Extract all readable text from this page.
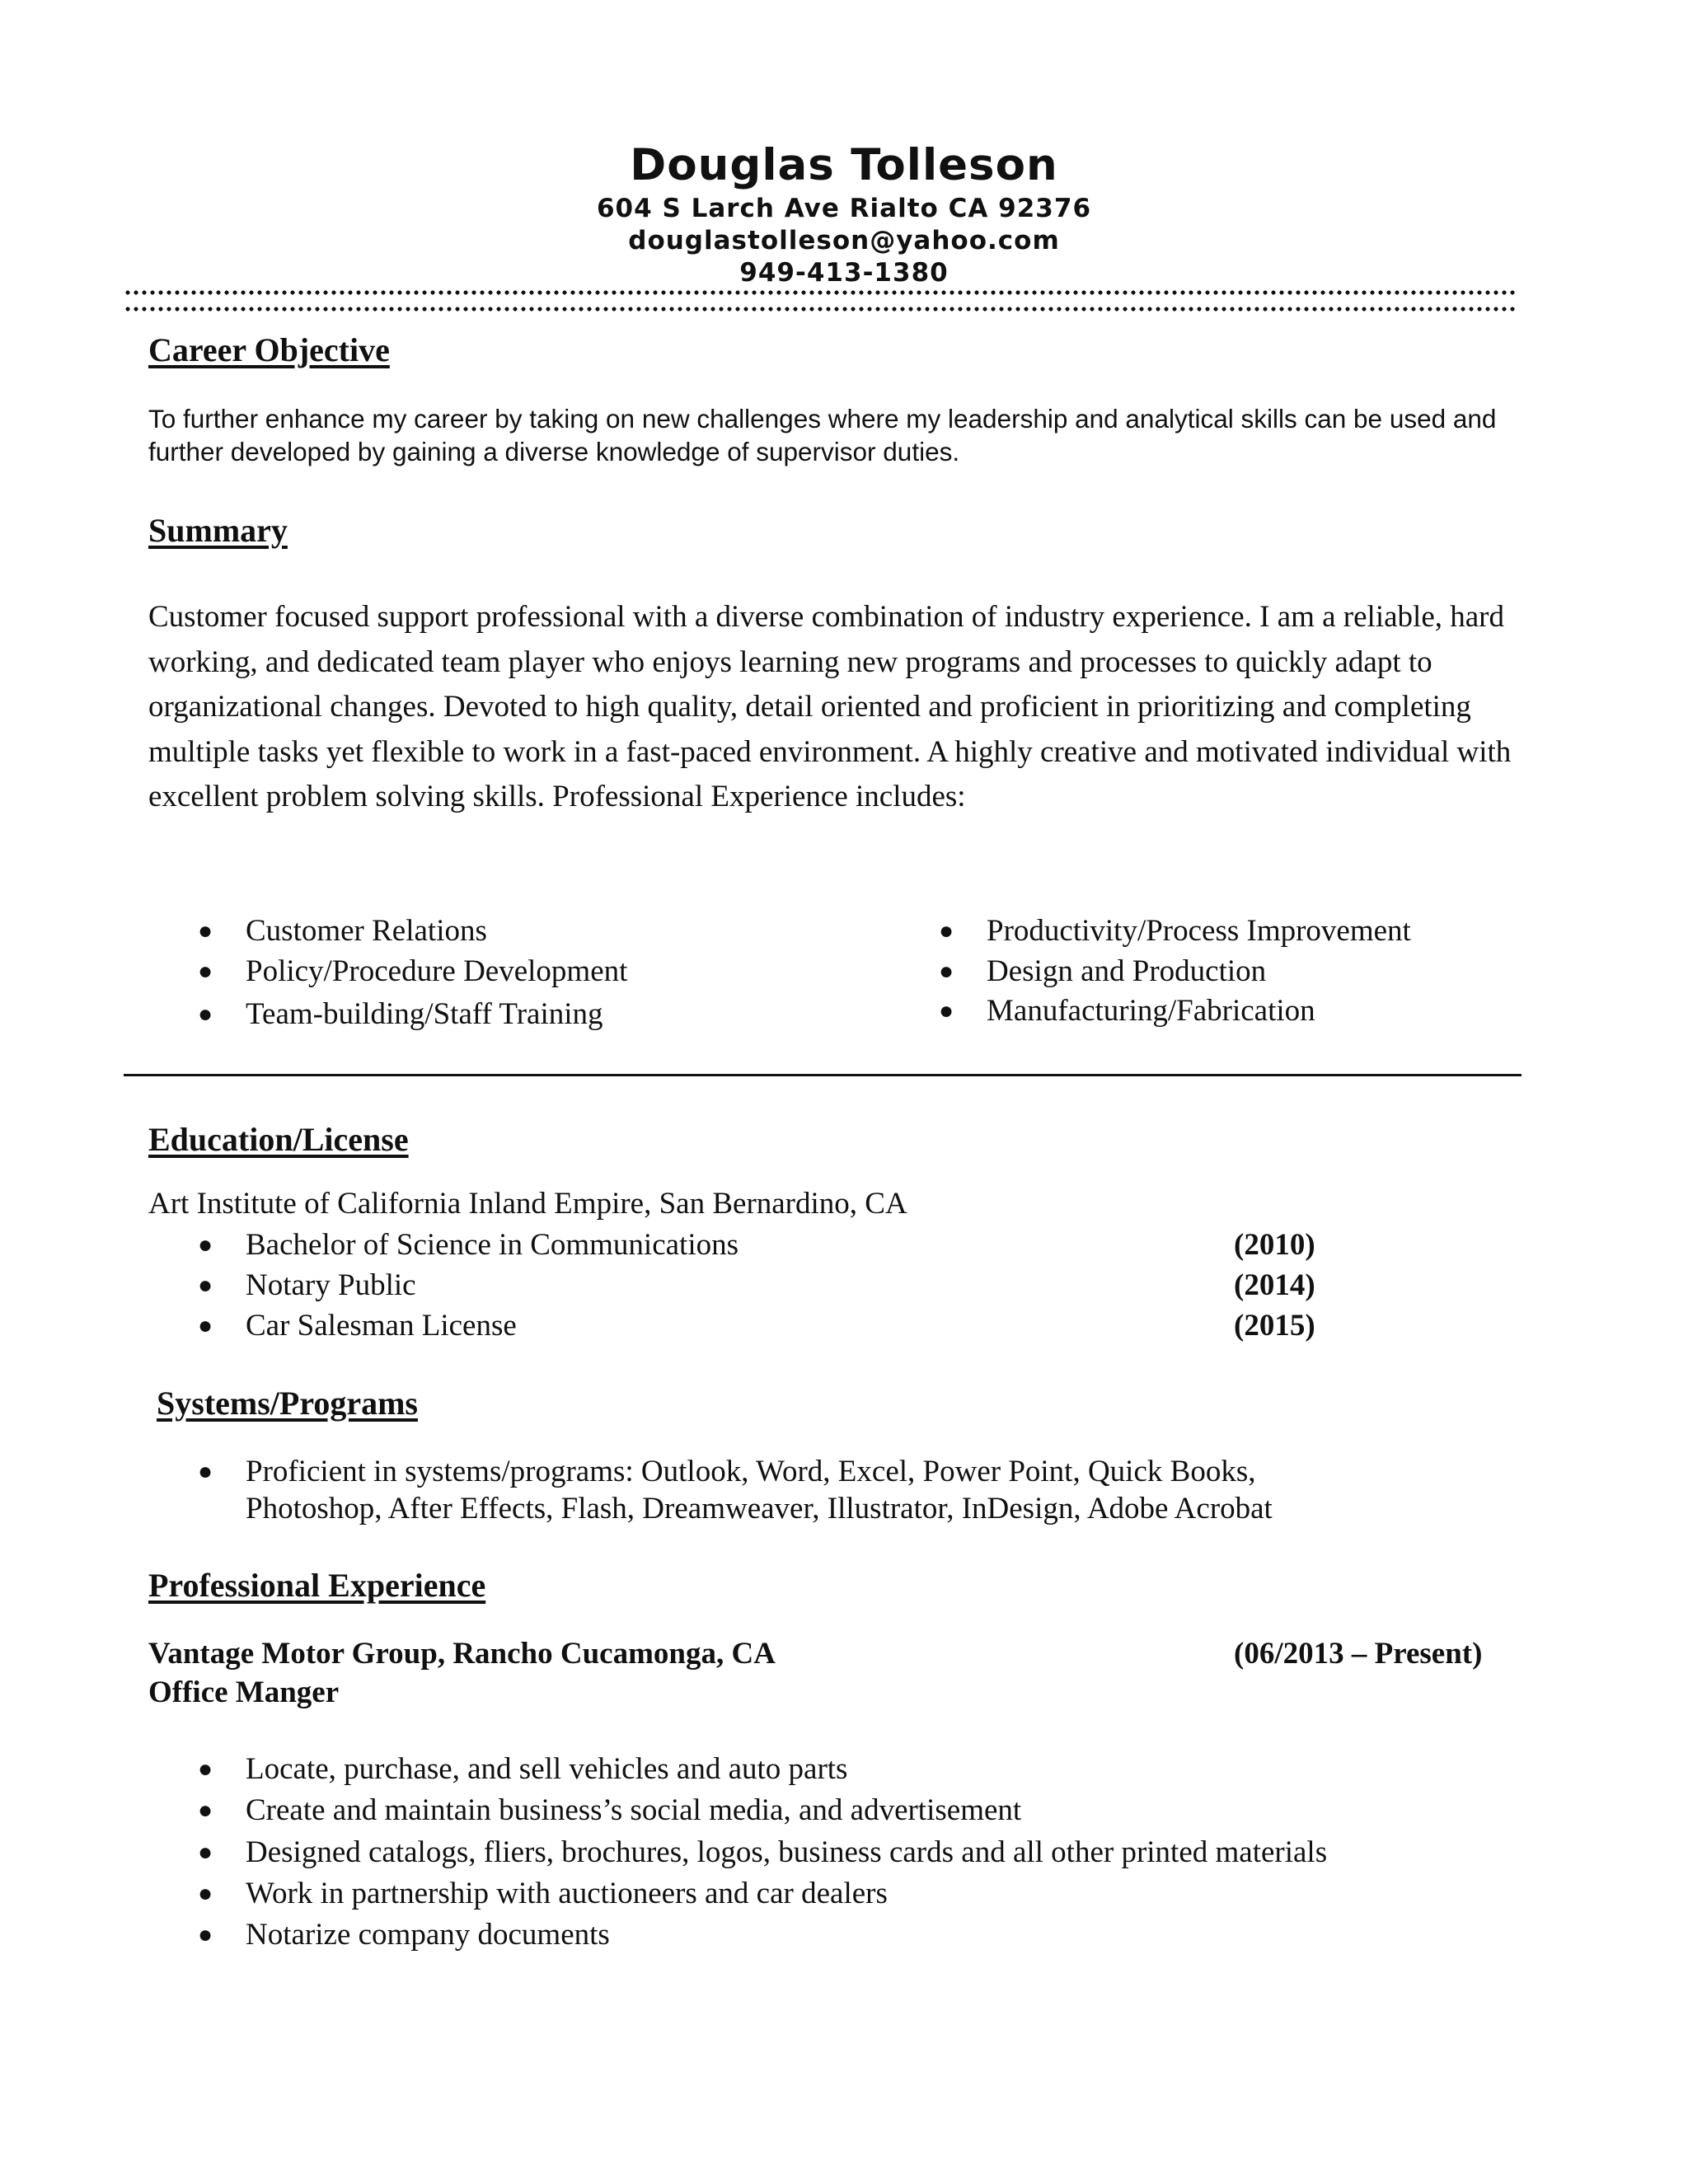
Douglas Tolleson
604 S Larch Ave Rialto CA 92376
douglastolleson@yahoo.com
949-413-1380
Career Objective
To further enhance my career by taking on new challenges where my leadership and analytical skills can be used and further developed by gaining a diverse knowledge of supervisor duties.
Summary
Customer focused support professional with a diverse combination of industry experience. I am a reliable, hard working, and dedicated team player who enjoys learning new programs and processes to quickly adapt to organizational changes. Devoted to high quality, detail oriented and proficient in prioritizing and completing multiple tasks yet flexible to work in a fast-paced environment. A highly creative and motivated individual with excellent problem solving skills. Professional Experience includes:
● Customer Relations
● Policy/Procedure Development
● Team-building/Staff Training
● Productivity/Process Improvement
● Design and Production
● Manufacturing/Fabrication
Education/License
Art Institute of California Inland Empire, San Bernardino, CA
● Bachelor of Science in Communications	(2010)
● Notary Public	(2014)
● Car Salesman License	(2015)
Systems/Programs
● Proficient in systems/programs: Outlook, Word, Excel, Power Point, Quick Books,
Photoshop, After Effects, Flash, Dreamweaver, Illustrator, InDesign, Adobe Acrobat
Professional Experience
Vantage Motor Group, Rancho Cucamonga, CA	(06/2013 – Present)
Office Manger
● Locate, purchase, and sell vehicles and auto parts
● Create and maintain business’s social media, and advertisement
● Designed catalogs, fliers, brochures, logos, business cards and all other printed materials
● Work in partnership with auctioneers and car dealers
● Notarize company documents
